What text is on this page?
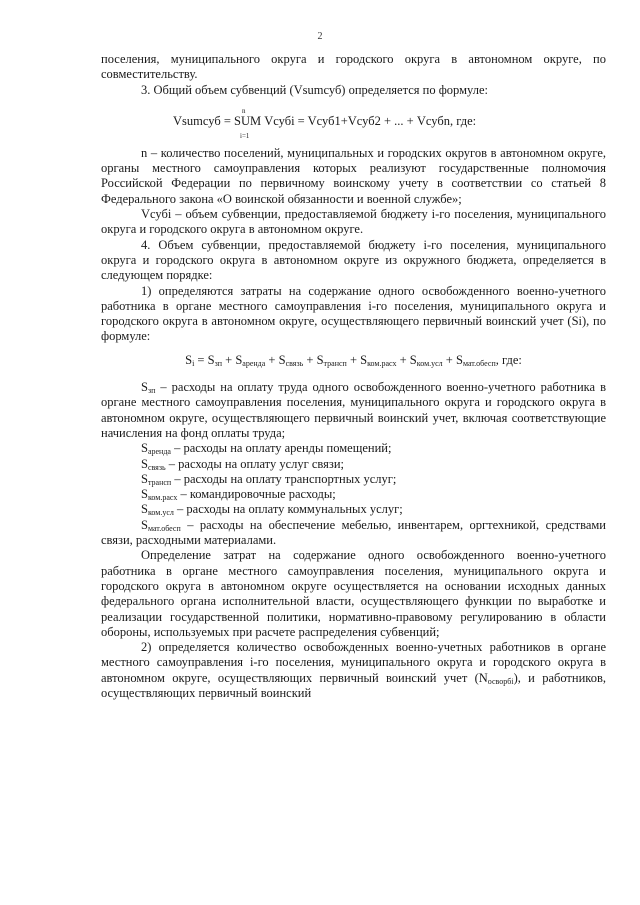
2

поселения, муниципального округа и городского округа в автономном округе, по совместительству.

3. Общий объем субвенций (Vsumсуб) определяется по формуле:

Vsumсуб =
n
SUM
i=1
Vсубi = Vсуб1+Vсуб2 + ... + Vсубn, где:

n – количество поселений, муниципальных и городских округов в автономном округе, органы местного самоуправления которых реализуют государственные полномочия Российской Федерации по первичному воинскому учету в соответствии со статьей 8 Федерального закона «О воинской обязанности и военной службе»;

Vсубi – объем субвенции, предоставляемой бюджету i-го поселения, муниципального округа и городского округа в автономном округе.

4. Объем субвенции, предоставляемой бюджету i-го поселения, муниципального округа и городского округа в автономном округе из окружного бюджета, определяется в следующем порядке:

1) определяются затраты на содержание одного освобожденного военно-учетного работника в органе местного самоуправления i-го поселения, муниципального округа и городского округа в автономном округе, осуществляющего первичный воинский учет (Si), по формуле:

$S_i = S_{зп} + S_{аренда} + S_{связь} + S_{трансп} + S_{ком.расх} + S_{ком.усл} + S_{мат.обесп}$, где:

$S_{зп}$ – расходы на оплату труда одного освобожденного военно-учетного работника в органе местного самоуправления поселения, муниципального округа и городского округа в автономном округе, осуществляющего первичный воинский учет, включая соответствующие начисления на фонд оплаты труда;

$S_{аренда}$ – расходы на оплату аренды помещений;

$S_{связь}$ – расходы на оплату услуг связи;

$S_{трансп}$ – расходы на оплату транспортных услуг;

$S_{ком.расх}$ – командировочные расходы;

$S_{ком.усл}$ – расходы на оплату коммунальных услуг;

$S_{мат.обесп}$ – расходы на обеспечение мебелью, инвентарем, оргтехникой, средствами связи, расходными материалами.

Определение затрат на содержание одного освобожденного военно-учетного работника в органе местного самоуправления поселения, муниципального округа и городского округа в автономном округе осуществляется на основании исходных данных федерального органа исполнительной власти, осуществляющего функции по выработке и реализации государственной политики, нормативно-правовому регулированию в области обороны, используемых при расчете распределения субвенций;

2) определяется количество освобожденных военно-учетных работников в органе местного самоуправления i-го поселения, муниципального округа и городского округа в автономном округе, осуществляющих первичный воинский учет $(N_{осворбi})$, и работников, осуществляющих первичный воинский
